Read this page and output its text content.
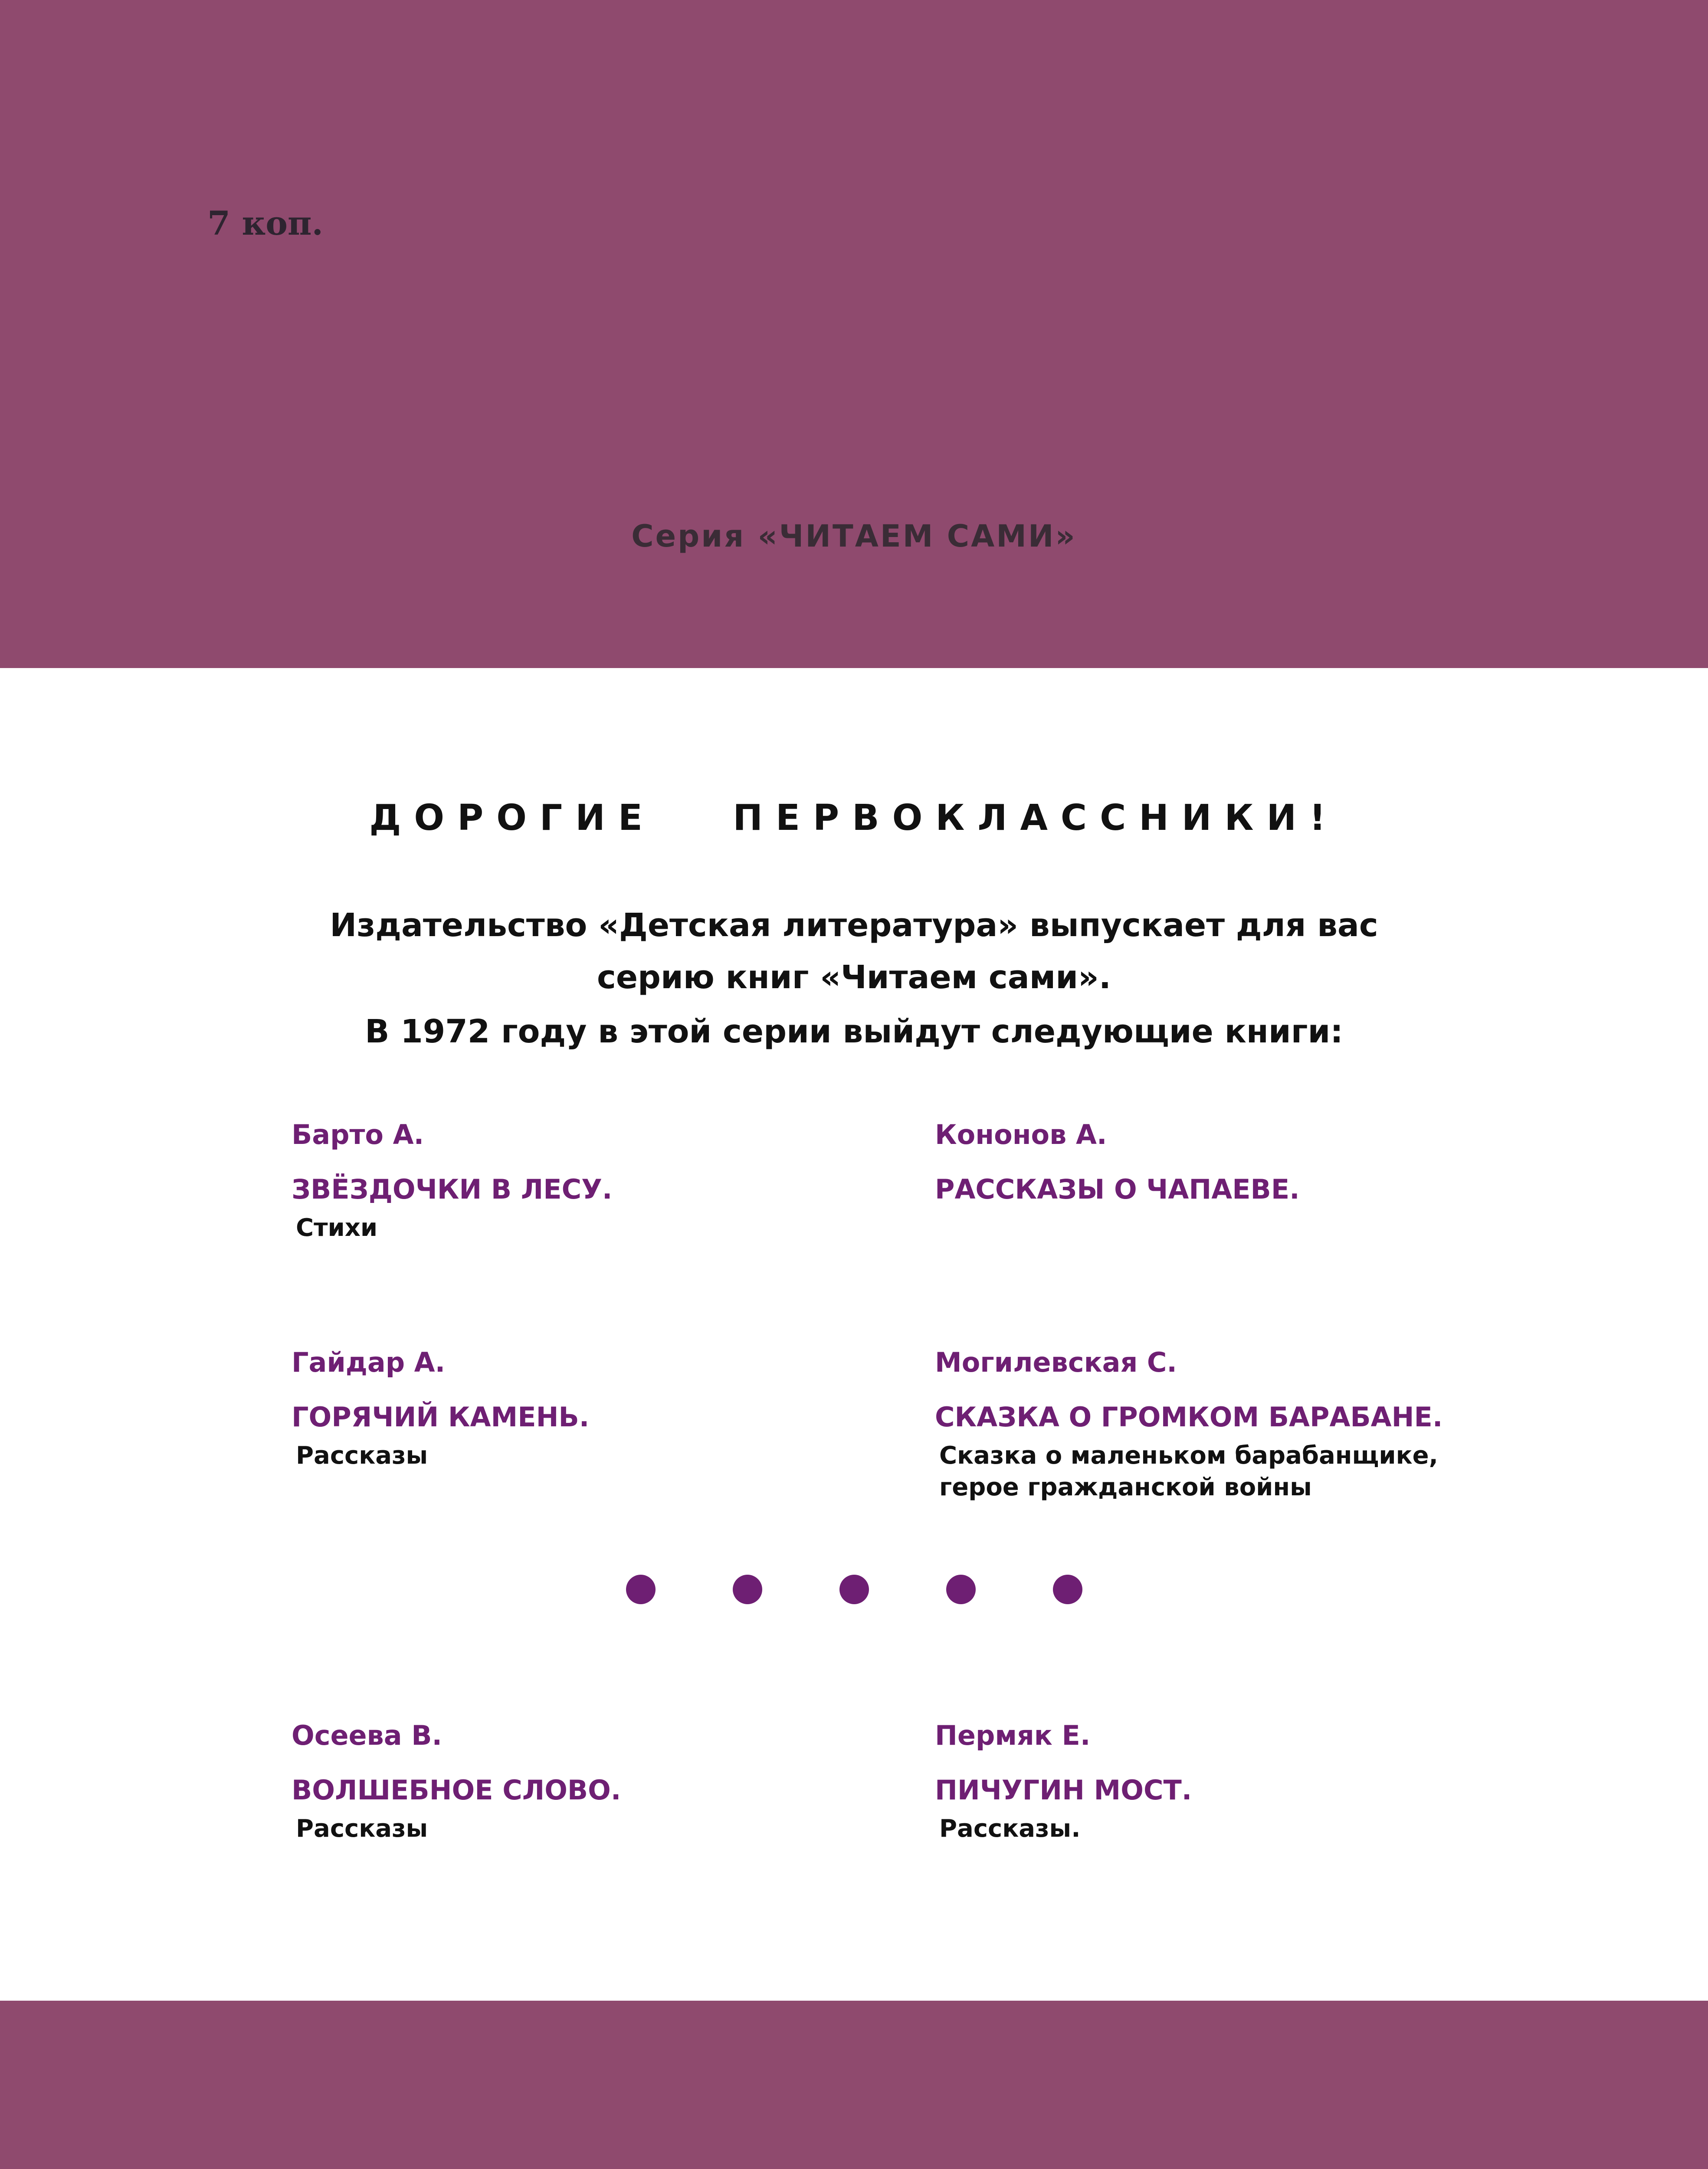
7 коп.
Серия «ЧИТАЕМ САМИ»
ДОРОГИЕ ПЕРВОКЛАССНИКИ!
Издательство «Детская литература» выпускает для вас
серию книг «Читаем сами».
В 1972 году в этой серии выйдут следующие книги:
Барто А.
ЗВЁЗДОЧКИ В ЛЕСУ.
Стихи
Кононов А.
РАССКАЗЫ О ЧАПАЕВЕ.
Гайдар А.
ГОРЯЧИЙ КАМЕНЬ.
Рассказы
Могилевская С.
СКАЗКА О ГРОМКОМ БАРАБАНЕ.
Сказка о маленьком барабанщике,
герое гражданской войны
Осеева В.
ВОЛШЕБНОЕ СЛОВО.
Рассказы
Пермяк Е.
ПИЧУГИН МОСТ.
Рассказы.
